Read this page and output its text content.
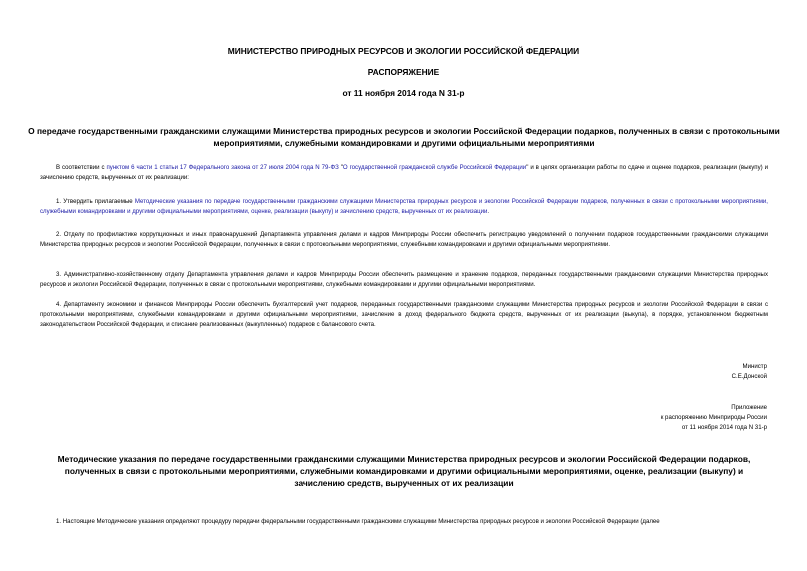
МИНИСТЕРСТВО ПРИРОДНЫХ РЕСУРСОВ И ЭКОЛОГИИ РОССИЙСКОЙ ФЕДЕРАЦИИ
РАСПОРЯЖЕНИЕ
от 11 ноября 2014 года N 31-р
О передаче государственными гражданскими служащими Министерства природных ресурсов и экологии Российской Федерации подарков, полученных в связи с протокольными мероприятиями, служебными командировками и другими официальными мероприятиями
В соответствии с пунктом 6 части 1 статьи 17 Федерального закона от 27 июля 2004 года N 79-ФЗ "О государственной гражданской службе Российской Федерации" и в целях организации работы по сдаче и оценке подарков, реализации (выкупу) и зачислению средств, вырученных от их реализации:
1. Утвердить прилагаемые Методические указания по передаче государственными гражданскими служащими Министерства природных ресурсов и экологии Российской Федерации подарков, полученных в связи с протокольными мероприятиями, служебными командировками и другими официальными мероприятиями, оценке, реализации (выкупу) и зачислению средств, вырученных от их реализации.
2. Отделу по профилактике коррупционных и иных правонарушений Департамента управления делами и кадров Минприроды России обеспечить регистрацию уведомлений о получении подарков государственными гражданскими служащими Министерства природных ресурсов и экологии Российской Федерации, полученных в связи с протокольными мероприятиями, служебными командировками и другими официальными мероприятиями.
3. Административно-хозяйственному отделу Департамента управления делами и кадров Минприроды России обеспечить размещение и хранение подарков, переданных государственными гражданскими служащими Министерства природных ресурсов и экологии Российской Федерации, полученных в связи с протокольными мероприятиями, служебными командировками и другими официальными мероприятиями.
4. Департаменту экономики и финансов Минприроды России обеспечить бухгалтерский учет подарков, переданных государственными гражданскими служащими Министерства природных ресурсов и экологии Российской Федерации в связи с протокольными мероприятиями, служебными командировками и другими официальными мероприятиями, зачисление в доход федерального бюджета средств, вырученных от их реализации (выкупа), в порядке, установленном бюджетным законодательством Российской Федерации, и списание реализованных (выкупленных) подарков с балансового счета.
Министр
С.Е.Донской
Приложение
к распоряжению Минприроды России
от 11 ноября 2014 года N 31-р
Методические указания по передаче государственными гражданскими служащими Министерства природных ресурсов и экологии Российской Федерации подарков, полученных в связи с протокольными мероприятиями, служебными командировками и другими официальными мероприятиями, оценке, реализации (выкупу) и зачислению средств, вырученных от их реализации
1. Настоящие Методические указания определяют процедуру передачи федеральными государственными гражданскими служащими Министерства природных ресурсов и экологии Российской Федерации (далее
